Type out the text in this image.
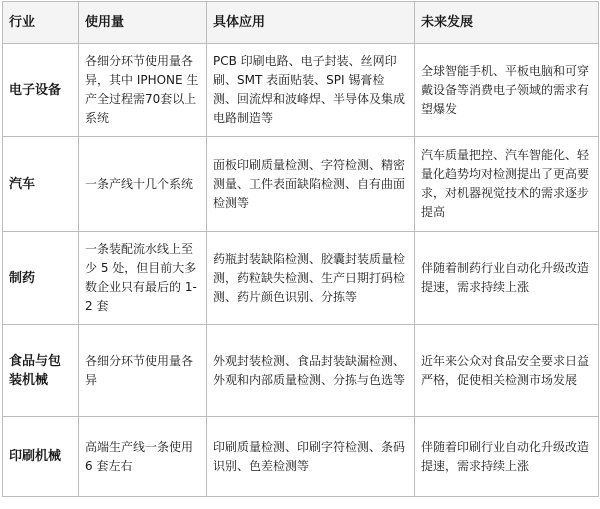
行业	使用量	具体应用	未来发展
电子设备	各细分环节使用量各异，其中 IPHONE 生产全过程需70套以上系统	PCB 印刷电路、电子封装、丝网印刷、SMT 表面贴装、SPI 锡膏检测、回流焊和波峰焊、半导体及集成电路制造等	全球智能手机、平板电脑和可穿戴设备等消费电子领域的需求有望爆发
汽车	一条产线十几个系统	面板印刷质量检测、字符检测、精密测量、工件表面缺陷检测、自有曲面检测等	汽车质量把控、汽车智能化、轻量化趋势均对检测提出了更高要求，对机器视觉技术的需求逐步提高
制药	一条装配流水线上至少 5 处，但目前大多数企业只有最后的 1-2 套	药瓶封装缺陷检测、胶囊封装质量检测，药粒缺失检测、生产日期打码检测、药片颜色识别、分拣等	伴随着制药行业自动化升级改造提速，需求持续上涨
食品与包装机械	各细分环节使用量各异	外观封装检测、食品封装缺漏检测、外观和内部质量检测、分拣与色选等	近年来公众对食品安全要求日益严格，促使相关检测市场发展
印刷机械	高端生产线一条使用 6 套左右	印刷质量检测、印刷字符检测、条码识别、色差检测等	伴随着印刷行业自动化升级改造提速，需求持续上涨
